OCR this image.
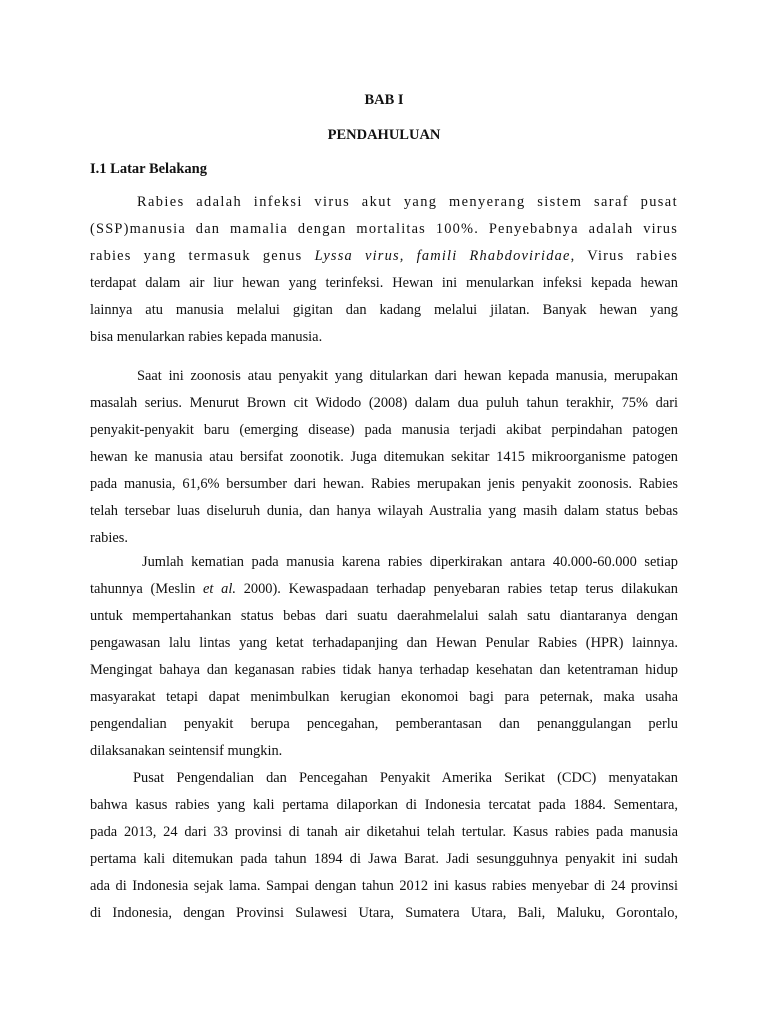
BAB I
PENDAHULUAN
I.1 Latar Belakang
Rabies adalah infeksi virus akut yang menyerang sistem saraf pusat
(SSP)manusia dan mamalia dengan mortalitas 100%. Penyebabnya adalah virus
rabies yang termasuk genus Lyssa virus, famili Rhabdoviridae, Virus rabies
terdapat dalam air liur hewan yang terinfeksi. Hewan ini menularkan infeksi kepada hewan
lainnya atu manusia melalui gigitan dan kadang melalui jilatan. Banyak hewan yang
bisa menularkan rabies kepada manusia.
Saat ini zoonosis atau penyakit yang ditularkan dari hewan kepada manusia, merupakan
masalah serius. Menurut Brown cit Widodo (2008) dalam dua puluh tahun terakhir, 75% dari
penyakit-penyakit baru (emerging disease) pada manusia terjadi akibat perpindahan patogen
hewan ke manusia atau bersifat zoonotik. Juga ditemukan sekitar 1415 mikroorganisme patogen
pada manusia, 61,6% bersumber dari hewan. Rabies merupakan jenis penyakit zoonosis. Rabies
telah tersebar luas diseluruh dunia, dan hanya wilayah Australia yang masih dalam status bebas
rabies.
Jumlah kematian pada manusia karena rabies diperkirakan antara 40.000-60.000 setiap
tahunnya (Meslin et al. 2000). Kewaspadaan terhadap penyebaran rabies tetap terus dilakukan
untuk mempertahankan status bebas dari suatu daerahmelalui salah satu diantaranya dengan
pengawasan lalu lintas yang ketat terhadapanjing dan Hewan Penular Rabies (HPR) lainnya.
Mengingat bahaya dan keganasan rabies tidak hanya terhadap kesehatan dan ketentraman hidup
masyarakat tetapi dapat menimbulkan kerugian ekonomoi bagi para peternak, maka usaha
pengendalian penyakit berupa pencegahan, pemberantasan dan penanggulangan perlu
dilaksanakan seintensif mungkin.
Pusat Pengendalian dan Pencegahan Penyakit Amerika Serikat (CDC) menyatakan
bahwa kasus rabies yang kali pertama dilaporkan di Indonesia tercatat pada 1884. Sementara,
pada 2013, 24 dari 33 provinsi di tanah air diketahui telah tertular. Kasus rabies pada manusia
pertama kali ditemukan pada tahun 1894 di Jawa Barat. Jadi sesungguhnya penyakit ini sudah
ada di Indonesia sejak lama. Sampai dengan tahun 2012 ini kasus rabies menyebar di 24 provinsi
di Indonesia, dengan Provinsi Sulawesi Utara, Sumatera Utara, Bali, Maluku, Gorontalo,
